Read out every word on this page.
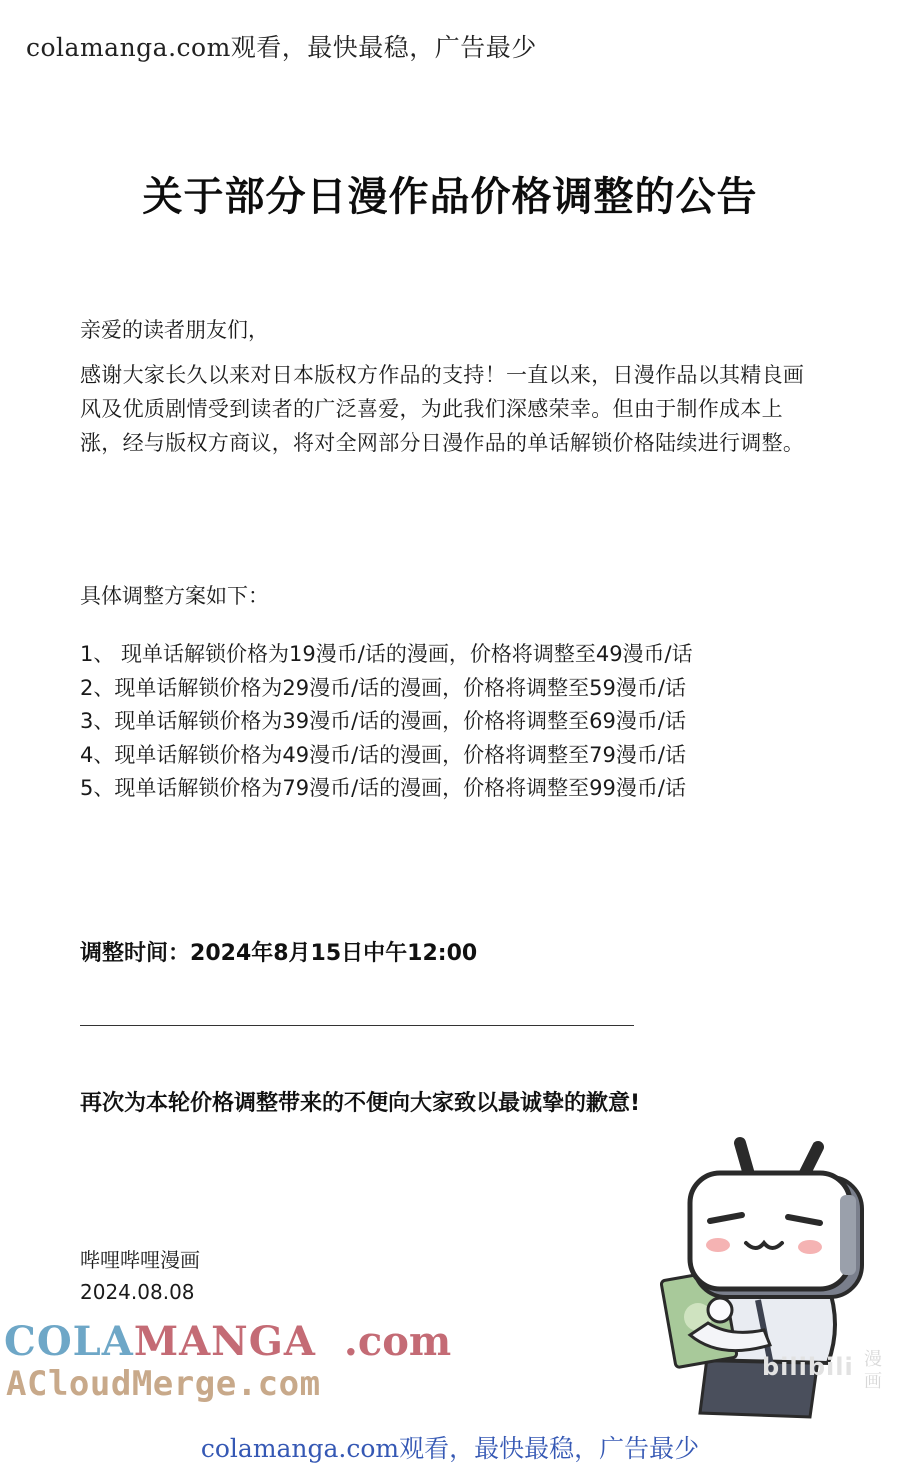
colamanga.com观看，最快最稳，广告最少
关于部分日漫作品价格调整的公告
亲爱的读者朋友们，
感谢大家长久以来对日本版权方作品的支持！一直以来，日漫作品以其精良画风及优质剧情受到读者的广泛喜爱，为此我们深感荣幸。但由于制作成本上涨，经与版权方商议，将对全网部分日漫作品的单话解锁价格陆续进行调整。
具体调整方案如下：
1、 现单话解锁价格为19漫币/话的漫画，价格将调整至49漫币/话
2、现单话解锁价格为29漫币/话的漫画，价格将调整至59漫币/话
3、现单话解锁价格为39漫币/话的漫画，价格将调整至69漫币/话
4、现单话解锁价格为49漫币/话的漫画，价格将调整至79漫币/话
5、现单话解锁价格为79漫币/话的漫画，价格将调整至99漫币/话
调整时间：2024年8月15日中午12:00
再次为本轮价格调整带来的不便向大家致以最诚挚的歉意!
哔哩哔哩漫画
2024.08.08
bilibili 漫
画
COLAMANGA .com
ACloudMerge.com
colamanga.com观看，最快最稳，广告最少
